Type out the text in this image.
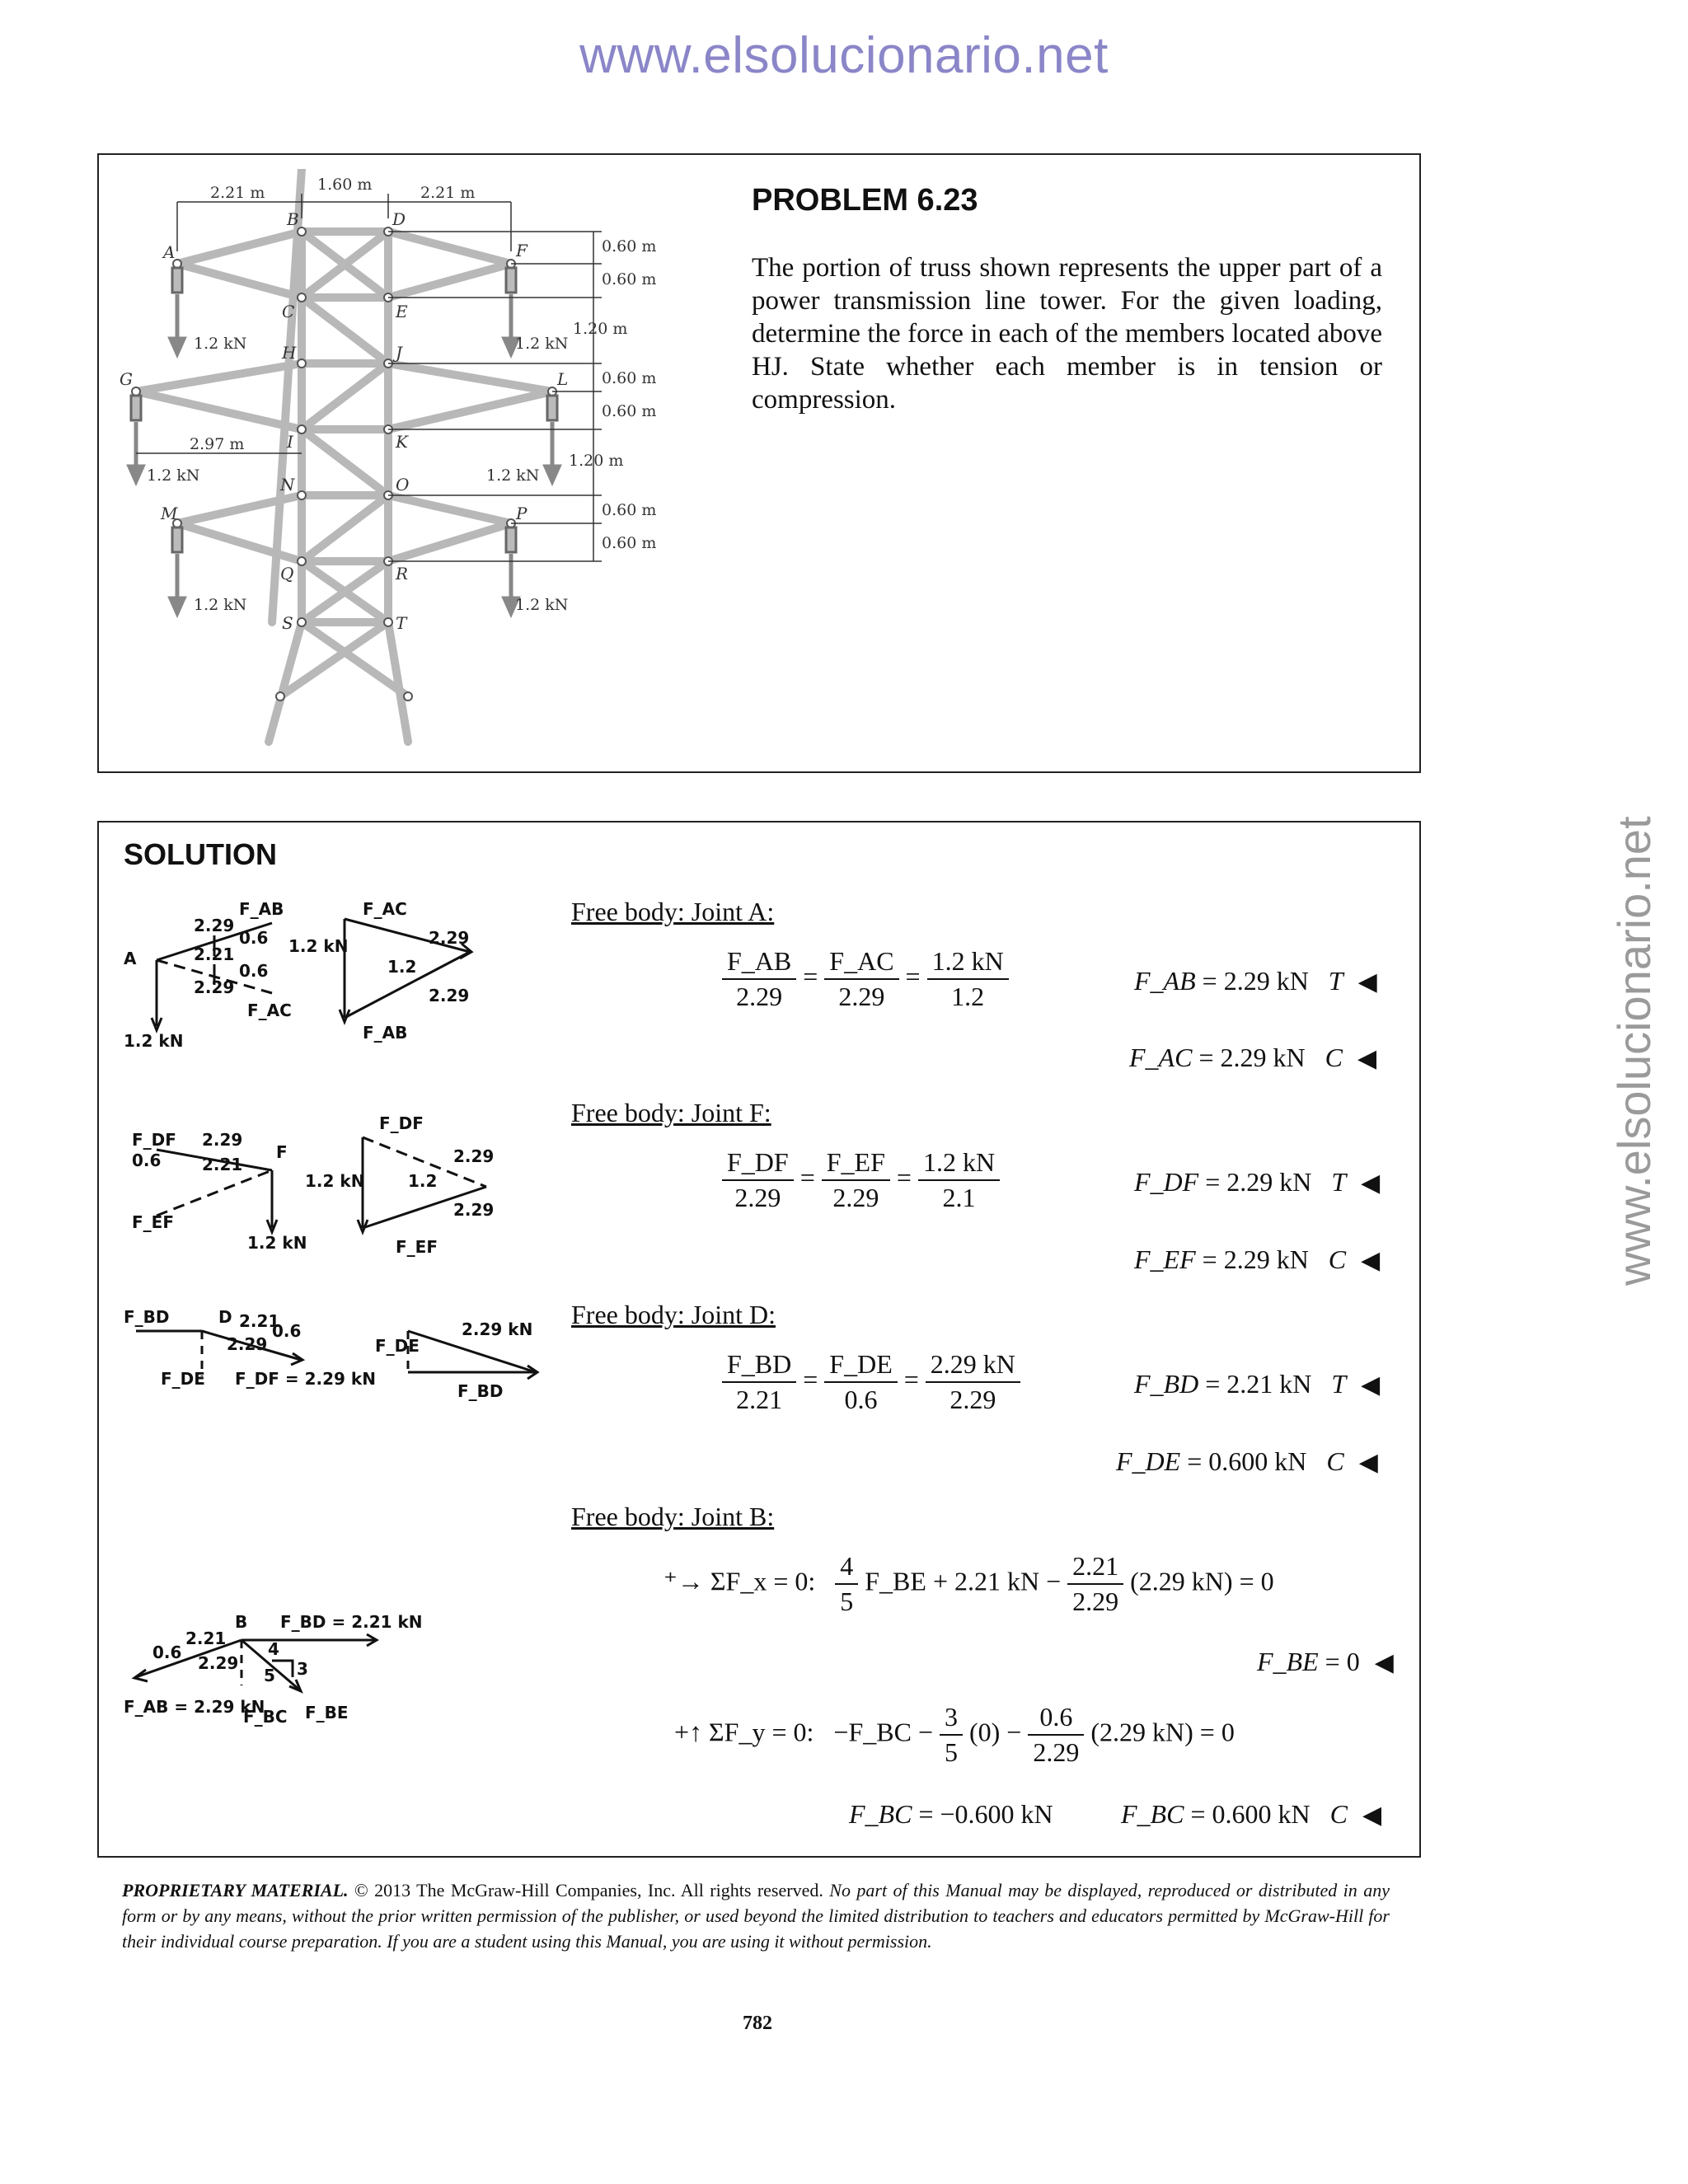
www.elsolucionario.net
www.elsolucionario.net
2.21 m	1.60 m	2.21 m
2.97 m
0.60 m
0.60 m
1.20 m
0.60 m
0.60 m
1.20 m
0.60 m
0.60 m
1.2 kN	1.2 kN
1.2 kN	1.2 kN
1.2 kN	1.2 kN
A
B
C
D
E
F
G
H
I
J
K
L
M
N	O
P
Q	R
S	T
PROBLEM 6.23
The portion of truss shown represents the upper part of a power transmission line tower. For the given loading, determine the force in each of the members located above HJ. State whether each member is in tension or compression.
SOLUTION
A
F_AB
2.29
0.6
2.21
0.6
2.29
F_AC
1.2 kN
F_AC
1.2 kN
1.2
2.29
2.29
F_AB
Free body: Joint A:
$\frac{F\_AB}{2.29} = \frac{F\_AC}{2.29} = \frac{1.2 kN}{1.2}$	F_AB = 2.29 kN T ◀
F_AC = 2.29 kN C ◀
F_DF
0.6
2.29
2.21
F
F_EF
1.2 kN
F_DF
1.2 kN	1.2
2.29
2.29
F_EF
Free body: Joint F:
$\frac{F\_DF}{2.29} = \frac{F\_EF}{2.29} = \frac{1.2 kN}{2.1}$	F_DF = 2.29 kN T ◀
F_EF = 2.29 kN C ◀
F_BD	D 2.21
0.6
2.29
F_DE F_DF = 2.29 kN
F_DE
2.29 kN
F_BD
Free body: Joint D:
$\frac{F\_BD}{2.21} = \frac{F\_DE}{0.6} = \frac{2.29 kN}{2.29}$	F_BD = 2.21 kN T ◀
F_DE = 0.600 kN C ◀
Free body: Joint B:
⁺→ ΣF_x = 0: $\frac{4}{5}$ F_BE + 2.21 kN − $\frac{2.21}{2.29} (2.29$ kN) = 0
F_BE = 0 ◀
+↑ ΣF_y = 0: −F_BC − $\frac{3}{5} (0) - \frac{0.6}{2.29} (2.29$ kN) = 0
F_BC = −0.600 kN	F_BC = 0.600 kN C ◀
B F_BD = 2.21 kN
0.6
2.21
2.29
4
3
5
F_AB = 2.29 kN
F_BC F_BE
PROPRIETARY MATERIAL. © 2013 The McGraw-Hill Companies, Inc. All rights reserved. No part of this Manual may be displayed, reproduced or distributed in any form or by any means, without the prior written permission of the publisher, or used beyond the limited distribution to teachers and educators permitted by McGraw-Hill for their individual course preparation. If you are a student using this Manual, you are using it without permission.
782
